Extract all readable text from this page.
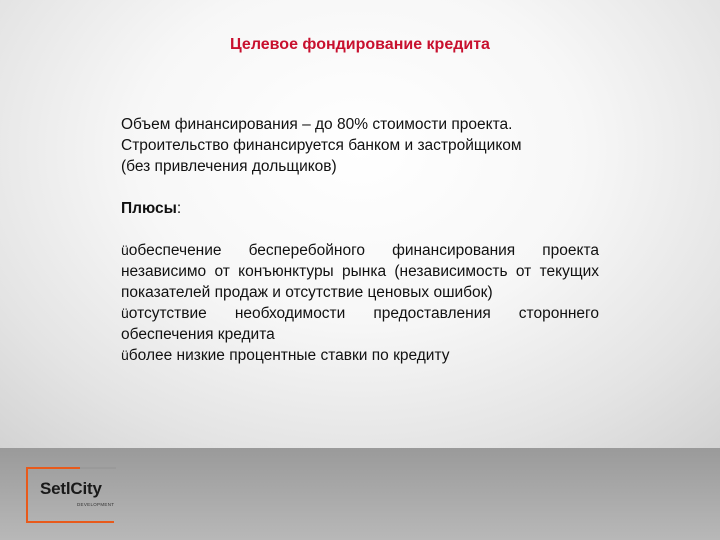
Целевое фондирование кредита
Объем финансирования – до 80% стоимости проекта.
Строительство финансируется банком и застройщиком
(без привлечения дольщиков)
Плюсы:
üобеспечение бесперебойного финансирования проекта независимо от конъюнктуры рынка (независимость от текущих показателей продаж и отсутствие ценовых ошибок)
üотсутствие необходимости предоставления стороннего обеспечения кредита
üболее низкие процентные ставки по кредиту
SetlCity
DEVELOPMENT
